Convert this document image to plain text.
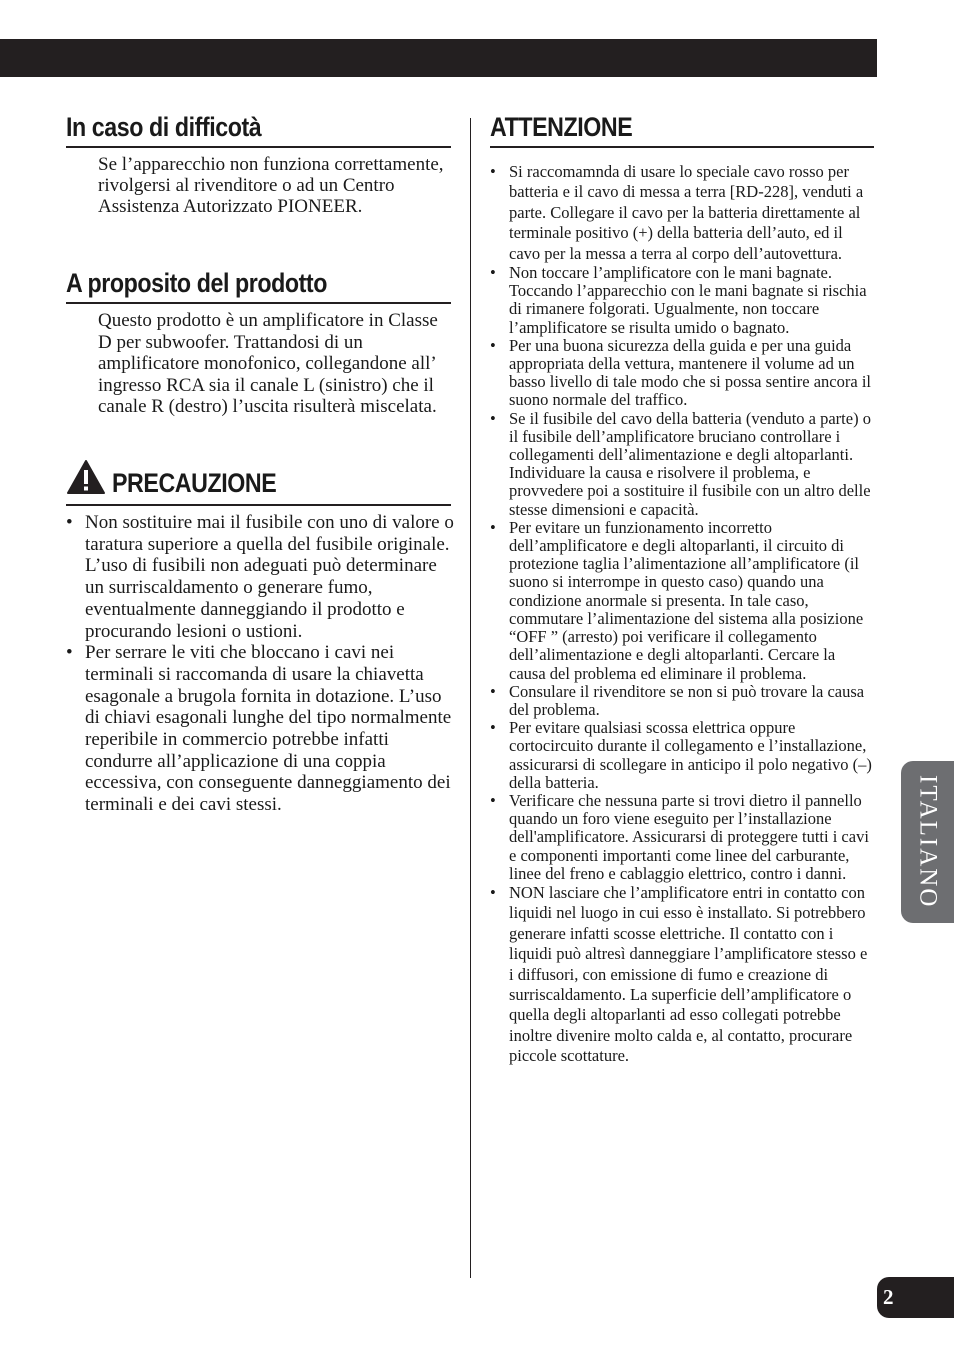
In caso di difficotà

Se l’apparecchio non funziona correttamente, rivolgersi al rivenditore o ad un Centro Assistenza Autorizzato PIONEER.

A proposito del prodotto

Questo prodotto è un amplificatore in Classe D per subwoofer. Trattandosi di un amplificatore monofonico, collegandone all’ ingresso RCA sia il canale L (sinistro) che il canale R (destro) l’uscita risulterà miscelata.

PRECAUZIONE
• Non sostituire mai il fusibile con uno di valore o taratura superiore a quella del fusibile originale. L’uso di fusibili non adeguati può determinare un surriscaldamento o generare fumo, eventualmente danneggiando il prodotto e procurando lesioni o ustioni.
• Per serrare le viti che bloccano i cavi nei terminali si raccomanda di usare la chiavetta esagonale a brugola fornita in dotazione. L’uso di chiavi esagonali lunghe del tipo normalmente reperibile in commercio potrebbe infatti condurre all’applicazione di una coppia eccessiva, con conseguente danneggiamento dei terminali e dei cavi stessi.
ATTENZIONE
• Si raccomamnda di usare lo speciale cavo rosso per batteria e il cavo di messa a terra [RD-228], venduti a parte. Collegare il cavo per la batteria direttamente al terminale positivo (+) della batteria dell’auto, ed il cavo per la messa a terra al corpo dell’autovettura.
• Non toccare l’amplificatore con le mani bagnate. Toccando l’apparecchio con le mani bagnate si rischia di rimanere folgorati. Ugualmente, non toccare l’amplificatore se risulta umido o bagnato.
• Per una buona sicurezza della guida e per una guida appropriata della vettura, mantenere il volume ad un basso livello di tale modo che si possa sentire ancora il suono normale del traffico.
• Se il fusibile del cavo della batteria (venduto a parte) o il fusibile dell’amplificatore bruciano controllare i collegamenti dell’alimentazione e degli altoparlanti. Individuare la causa e risolvere il problema, e provvedere poi a sostituire il fusibile con un altro delle stesse dimensioni e capacità.
• Per evitare un funzionamento incorretto dell’amplificatore e degli altoparlanti, il circuito di protezione taglia l’alimentazione all’amplificatore (il suono si interrompe in questo caso) quando una condizione anormale si presenta. In tale caso, commutare l’alimentazione del sistema alla posizione “OFF ” (arresto) poi verificare il collegamento dell’alimentazione e degli altoparlanti. Cercare la causa del problema ed eliminare il problema.
• Consulare il rivenditore se non si può trovare la causa del problema.
• Per evitare qualsiasi scossa elettrica oppure cortocircuito durante il collegamento e l’installazione, assicurarsi di scollegare in anticipo il polo negativo (–) della batteria.
• Verificare che nessuna parte si trovi dietro il pannello quando un foro viene eseguito per l’installazione dell'amplificatore. Assicurarsi di proteggere tutti i cavi e componenti importanti come linee del carburante, linee del freno e cablaggio elettrico, contro i danni.
• NON lasciare che l’amplificatore entri in contatto con liquidi nel luogo in cui esso è installato. Si potrebbero generare infatti scosse elettriche. Il contatto con i liquidi può altresì danneggiare l’amplificatore stesso e i diffusori, con emissione di fumo e creazione di surriscaldamento. La superficie dell’amplificatore o quella degli altoparlanti ad esso collegati potrebbe inoltre divenire molto calda e, al contatto, procurare piccole scottature.
ITALIANO
2
